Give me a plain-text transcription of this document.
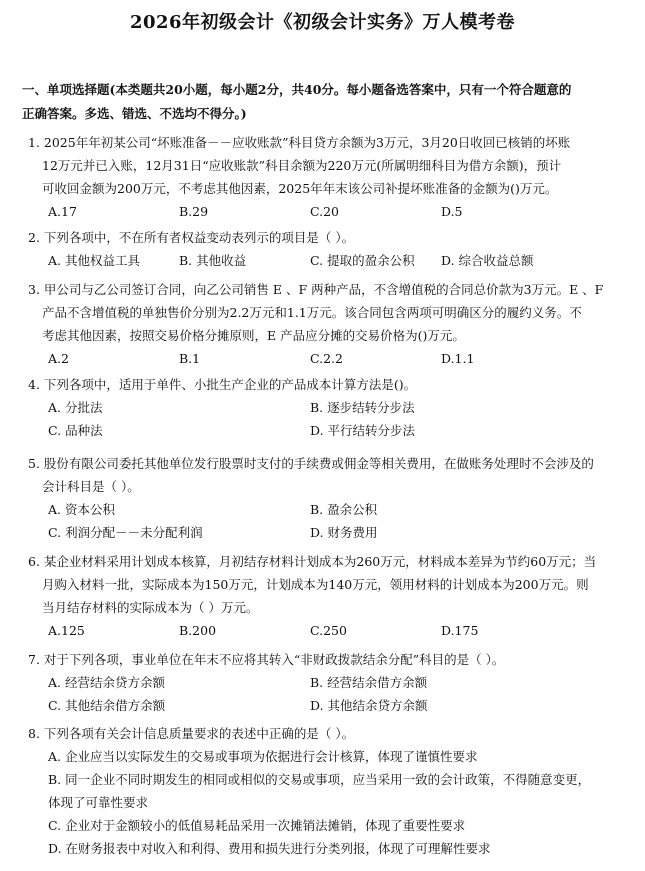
2026年初级会计《初级会计实务》万人模考卷
一、单项选择题(本类题共20小题，每小题2分，共40分。每小题备选答案中，只有一个符合题意的
正确答案。多选、错选、不选均不得分。)
1. 2025年年初某公司“坏账准备－－应收账款”科目贷方余额为3万元，3月20日收回已核销的坏账
12万元并已入账，12月31日“应收账款”科目余额为220万元(所属明细科目为借方余额)，预计
可收回金额为200万元，不考虑其他因素，2025年年末该公司补提坏账准备的金额为()万元。
A.17	B.29	C.20	D.5
2. 下列各项中，不在所有者权益变动表列示的项目是（ ）。
A. 其他权益工具	B. 其他收益	C. 提取的盈余公积	D. 综合收益总额
3. 甲公司与乙公司签订合同，向乙公司销售 E 、F 两种产品，不含增值税的合同总价款为3万元。E 、F
产品不含增值税的单独售价分别为2.2万元和1.1万元。该合同包含两项可明确区分的履约义务。不
考虑其他因素，按照交易价格分摊原则，E 产品应分摊的交易价格为()万元。
A.2	B.1	C.2.2	D.1.1
4. 下列各项中，适用于单件、小批生产企业的产品成本计算方法是()。
A. 分批法	B. 逐步结转分步法
C. 品种法	D. 平行结转分步法
5. 股份有限公司委托其他单位发行股票时支付的手续费或佣金等相关费用，在做账务处理时不会涉及的
会计科目是（ ）。
A. 资本公积	B. 盈余公积
C. 利润分配－－未分配利润	D. 财务费用
6. 某企业材料采用计划成本核算，月初结存材料计划成本为260万元，材料成本差异为节约60万元；当
月购入材料一批，实际成本为150万元，计划成本为140万元，领用材料的计划成本为200万元。则
当月结存材料的实际成本为（ ）万元。
A.125	B.200	C.250	D.175
7. 对于下列各项，事业单位在年末不应将其转入“非财政拨款结余分配”科目的是（ ）。
A. 经营结余贷方余额	B. 经营结余借方余额
C. 其他结余借方余额	D. 其他结余贷方余额
8. 下列各项有关会计信息质量要求的表述中正确的是（ ）。
A. 企业应当以实际发生的交易或事项为依据进行会计核算，体现了谨慎性要求
B. 同一企业不同时期发生的相同或相似的交易或事项，应当采用一致的会计政策，不得随意变更，
体现了可靠性要求
C. 企业对于金额较小的低值易耗品采用一次摊销法摊销，体现了重要性要求
D. 在财务报表中对收入和利得、费用和损失进行分类列报，体现了可理解性要求
